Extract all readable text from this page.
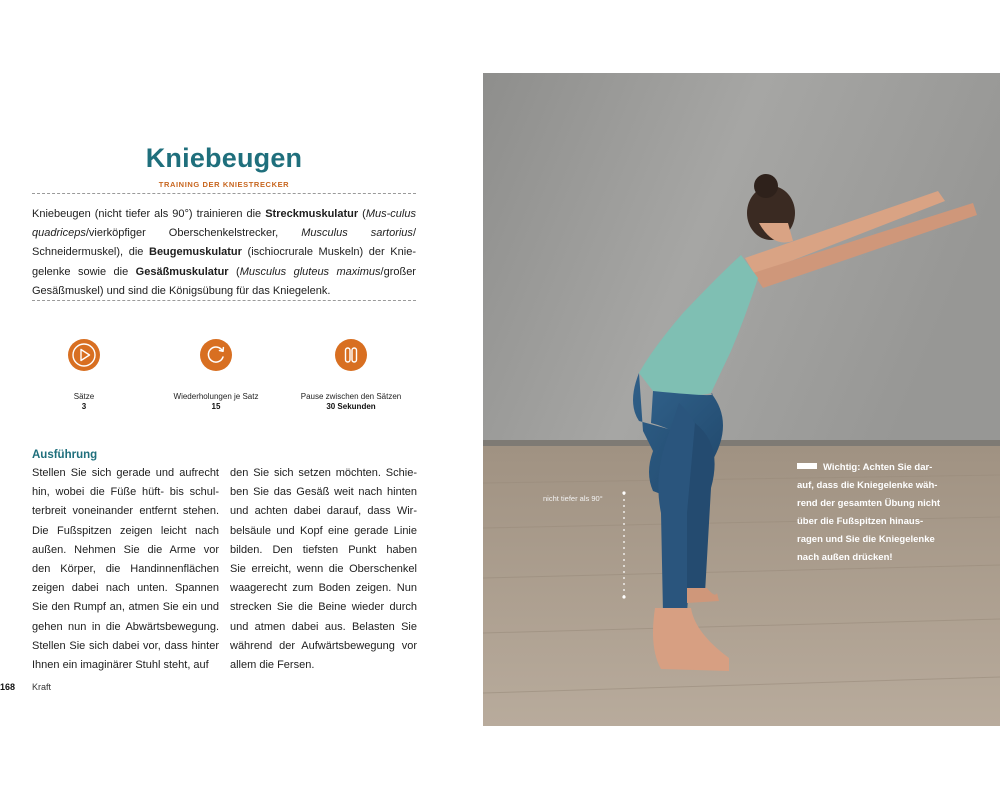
Kniebeugen
TRAINING DER KNIESTRECKER

Kniebeugen (nicht tiefer als 90°) trainieren die Streckmuskulatur (Mus-culus quadriceps/vierköpfiger Oberschenkelstrecker, Musculus sartorius/ Schneidermuskel), die Beugemuskulatur (ischiocrurale Muskeln) der Knie-gelenke sowie die Gesäßmuskulatur (Musculus gluteus maximus/großer Gesäßmuskel) und sind die Königsübung für das Kniegelenk.

Sätze
3
Wiederholungen je Satz
15
Pause zwischen den Sätzen
30 Sekunden
Ausführung
Stellen Sie sich gerade und aufrecht
hin, wobei die Füße hüft- bis schul-
terbreit voneinander entfernt stehen.
Die Fußspitzen zeigen leicht nach
außen. Nehmen Sie die Arme vor
den Körper, die Handinnenflächen
zeigen dabei nach unten. Spannen
Sie den Rumpf an, atmen Sie ein und
gehen nun in die Abwärtsbewegung.
Stellen Sie sich dabei vor, dass hinter
Ihnen ein imaginärer Stuhl steht, auf
den Sie sich setzen möchten. Schie-
ben Sie das Gesäß weit nach hinten
und achten dabei darauf, dass Wir-
belsäule und Kopf eine gerade Linie
bilden. Den tiefsten Punkt haben
Sie erreicht, wenn die Oberschenkel
waagerecht zum Boden zeigen. Nun
strecken Sie die Beine wieder durch
und atmen dabei aus. Belasten Sie
während der Aufwärtsbewegung vor
allem die Fersen.
168 Kraft
nicht tiefer als 90°
Wichtig: Achten Sie dar-
auf, dass die Kniegelenke wäh-
rend der gesamten Übung nicht
über die Fußspitzen hinaus-
ragen und Sie die Kniegelenke
nach außen drücken!
